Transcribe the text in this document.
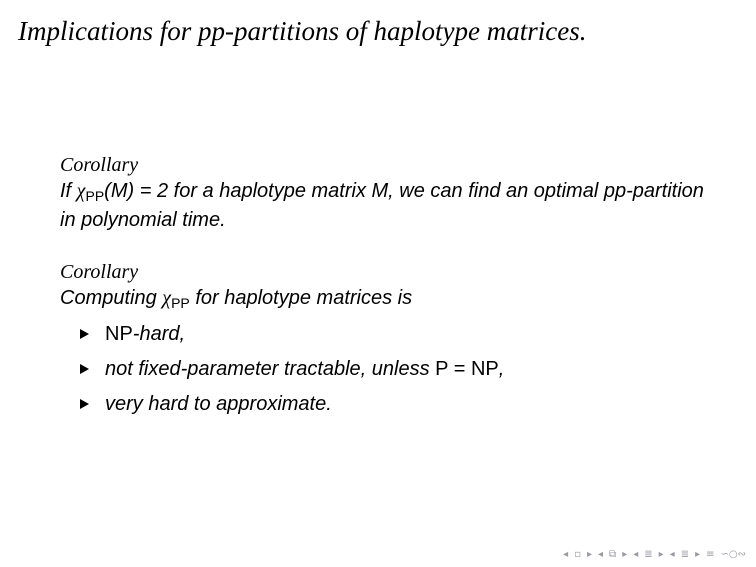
Implications for pp-partitions of haplotype matrices.
Corollary
If $\chi_{PP}(M) = 2$ for a haplotype matrix M, we can find an optimal pp-partition in polynomial time.
Corollary
Computing $\chi_{PP}$ for haplotype matrices is
NP-hard,
not fixed-parameter tractable, unless P = NP,
very hard to approximate.
◂ ▫ ▸ ◂ ⧉ ▸ ◂ ≣ ▸ ◂ ≣ ▸ ≡ ∽○∾
